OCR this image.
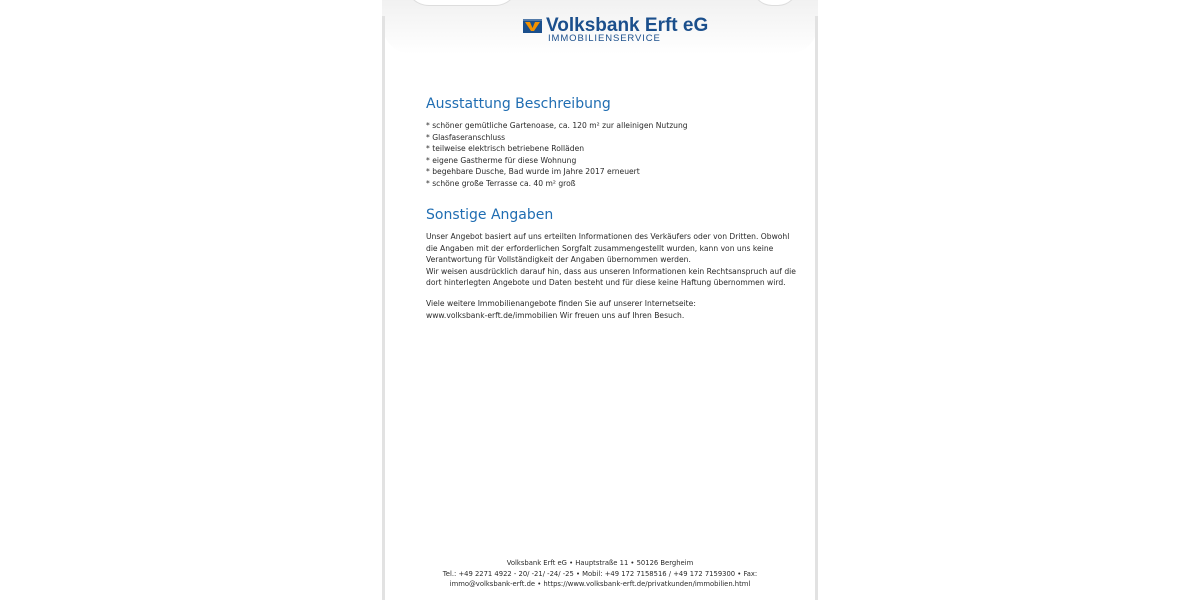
Volksbank Erft eG
IMMOBILIENSERVICE
Ausstattung Beschreibung
* schöner gemütliche Gartenoase, ca. 120 m² zur alleinigen Nutzung
* Glasfaseranschluss
* teilweise elektrisch betriebene Rolläden
* eigene Gastherme für diese Wohnung
* begehbare Dusche, Bad wurde im Jahre 2017 erneuert
* schöne große Terrasse ca. 40 m² groß
Sonstige Angaben
Unser Angebot basiert auf uns erteilten Informationen des Verkäufers oder von Dritten. Obwohl
die Angaben mit der erforderlichen Sorgfalt zusammengestellt wurden, kann von uns keine
Verantwortung für Vollständigkeit der Angaben übernommen werden.
Wir weisen ausdrücklich darauf hin, dass aus unseren Informationen kein Rechtsanspruch auf die
dort hinterlegten Angebote und Daten besteht und für diese keine Haftung übernommen wird.
Viele weitere Immobilienangebote finden Sie auf unserer Internetseite:
www.volksbank-erft.de/immobilien Wir freuen uns auf Ihren Besuch.
Volksbank Erft eG • Hauptstraße 11 • 50126 Bergheim
Tel.: +49 2271 4922 - 20/ -21/ -24/ -25 • Mobil: +49 172 7158516 / +49 172 7159300 • Fax:
immo@volksbank-erft.de • https://www.volksbank-erft.de/privatkunden/immobilien.html
